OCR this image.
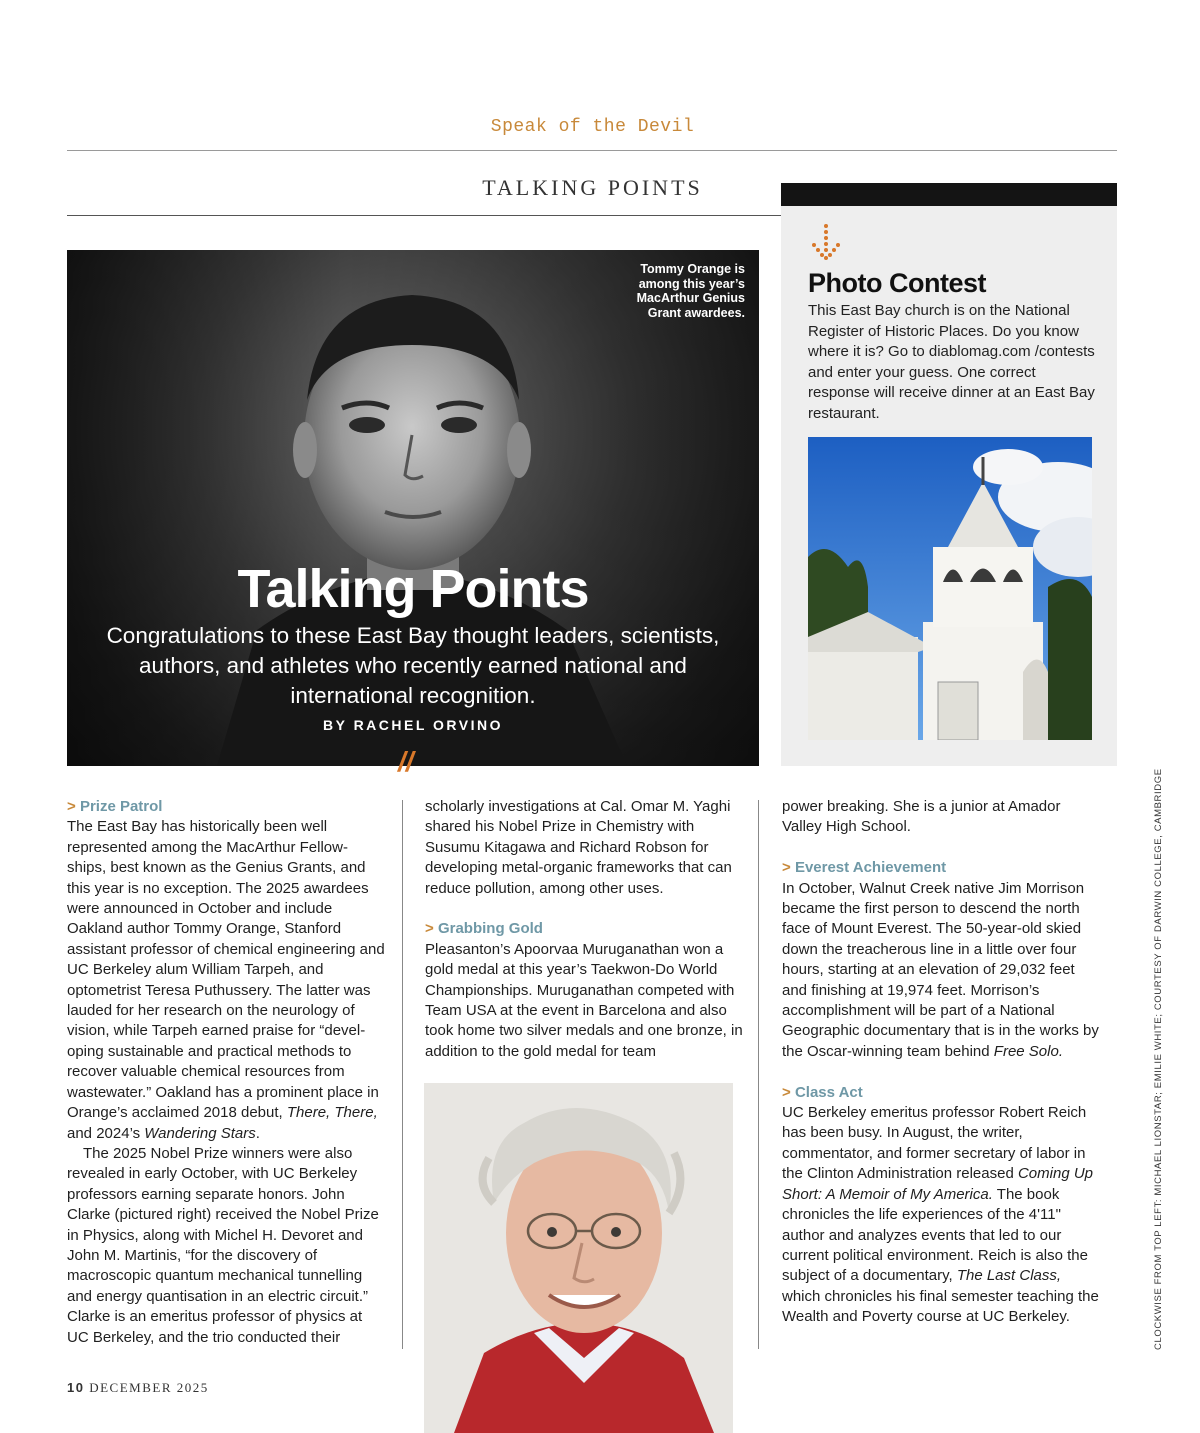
Speak of the Devil
TALKING POINTS
Tommy Orange is among this year’s MacArthur Genius Grant awardees.
Talking Points
Congratulations to these East Bay thought leaders, scientists, authors, and athletes who recently earned national and international recognition.
BY RACHEL ORVINO
//
Photo Contest
This East Bay church is on the National Register of Historic Places. Do you know where it is? Go to diablomag.com /contests and enter your guess. One correct response will receive dinner at an East Bay restaurant.

> Prize Patrol

The East Bay has historically been well represented among the MacArthur Fellow-ships, best known as the Genius Grants, and this year is no exception. The 2025 awardees were announced in October and include Oakland author Tommy Orange, Stanford assistant professor of chemical engineering and UC Berkeley alum William Tarpeh, and optometrist Teresa Puthussery. The latter was lauded for her research on the neurology of vision, while Tarpeh earned praise for “devel-oping sustainable and practical methods to recover valuable chemical resources from wastewater.” Oakland has a prominent place in Orange’s acclaimed 2018 debut, There, There, and 2024’s Wandering Stars.

The 2025 Nobel Prize winners were also revealed in early October, with UC Berkeley professors earning separate honors. John Clarke (pictured right) received the Nobel Prize in Physics, along with Michel H. Devoret and John M. Martinis, “for the discovery of macroscopic quantum mechanical tunnelling and energy quantisation in an electric circuit.” Clarke is an emeritus professor of physics at UC Berkeley, and the trio conducted their

scholarly investigations at Cal. Omar M. Yaghi shared his Nobel Prize in Chemistry with Susumu Kitagawa and Richard Robson for developing metal-organic frameworks that can reduce pollution, among other uses.

> Grabbing Gold

Pleasanton’s Apoorvaa Muruganathan won a gold medal at this year’s Taekwon-Do World Championships. Muruganathan competed with Team USA at the event in Barcelona and also took home two silver medals and one bronze, in addition to the gold medal for team

power breaking. She is a junior at Amador Valley High School.

> Everest Achievement

In October, Walnut Creek native Jim Morrison became the first person to descend the north face of Mount Everest. The 50-year-old skied down the treacherous line in a little over four hours, starting at an elevation of 29,032 feet and finishing at 19,974 feet. Morrison’s accomplishment will be part of a National Geographic documentary that is in the works by the Oscar-winning team behind Free Solo.

> Class Act

UC Berkeley emeritus professor Robert Reich has been busy. In August, the writer, commentator, and former secretary of labor in the Clinton Administration released Coming Up Short: A Memoir of My America. The book chronicles the life experiences of the 4'11" author and analyzes events that led to our current political environment. Reich is also the subject of a documentary, The Last Class, which chronicles his final semester teaching the Wealth and Poverty course at UC Berkeley.

10 DECEMBER 2025
CLOCKWISE FROM TOP LEFT: MICHAEL LIONSTAR; EMILIE WHITE; COURTESY OF DARWIN COLLEGE, CAMBRIDGE
